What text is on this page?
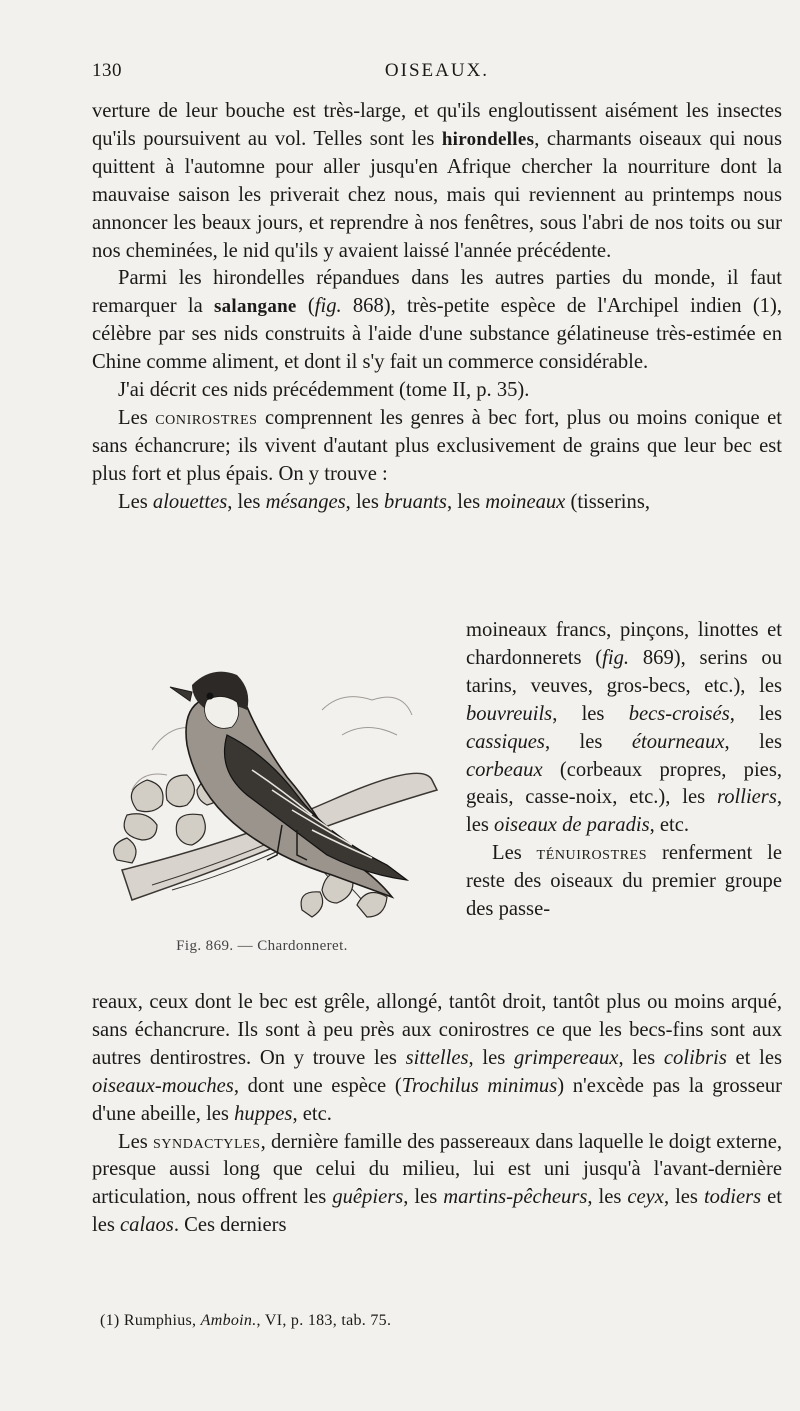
130	OISEAUX.

verture de leur bouche est très-large, et qu'ils engloutissent aisément les insectes qu'ils poursuivent au vol. Telles sont les hirondelles, charmants oiseaux qui nous quittent à l'automne pour aller jusqu'en Afrique chercher la nourriture dont la mauvaise saison les priverait chez nous, mais qui reviennent au printemps nous annoncer les beaux jours, et reprendre à nos fenêtres, sous l'abri de nos toits ou sur nos cheminées, le nid qu'ils y avaient laissé l'année précédente.

Parmi les hirondelles répandues dans les autres parties du monde, il faut remarquer la salangane (fig. 868), très-petite espèce de l'Archipel indien (1), célèbre par ses nids construits à l'aide d'une substance gélatineuse très-estimée en Chine comme aliment, et dont il s'y fait un commerce considérable.

J'ai décrit ces nids précédemment (tome II, p. 35).

Les conirostres comprennent les genres à bec fort, plus ou moins conique et sans échancrure; ils vivent d'autant plus exclusivement de grains que leur bec est plus fort et plus épais. On y trouve :

Les alouettes, les mésanges, les bruants, les moineaux (tisserins,

Fig. 869. — Chardonneret.

moineaux francs, pinçons, linottes et chardonnerets (fig. 869), serins ou tarins, veuves, gros-becs, etc.), les bouvreuils, les becs-croisés, les cassiques, les étourneaux, les corbeaux (corbeaux propres, pies, geais, casse-noix, etc.), les rolliers, les oiseaux de paradis, etc.

Les ténuirostres renferment le reste des oiseaux du premier groupe des passe-

reaux, ceux dont le bec est grêle, allongé, tantôt droit, tantôt plus ou moins arqué, sans échancrure. Ils sont à peu près aux conirostres ce que les becs-fins sont aux autres dentirostres. On y trouve les sittelles, les grimpereaux, les colibris et les oiseaux-mouches, dont une espèce (Trochilus minimus) n'excède pas la grosseur d'une abeille, les huppes, etc.

Les syndactyles, dernière famille des passereaux dans laquelle le doigt externe, presque aussi long que celui du milieu, lui est uni jusqu'à l'avant-dernière articulation, nous offrent les guêpiers, les martins-pêcheurs, les ceyx, les todiers et les calaos. Ces derniers

(1) Rumphius, Amboin., VI, p. 183, tab. 75.
